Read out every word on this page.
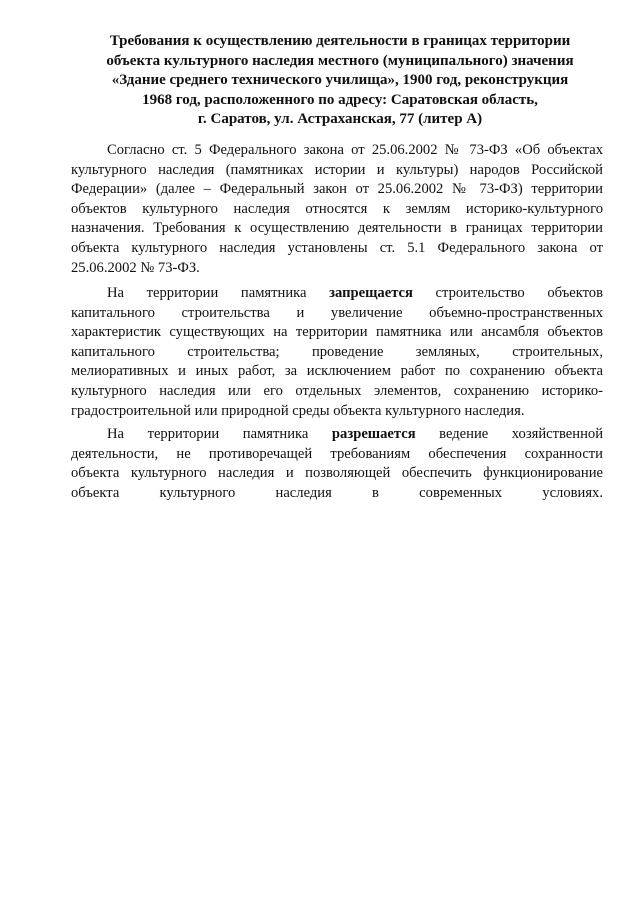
Требования к осуществлению деятельности в границах территории
объекта культурного наследия местного (муниципального) значения
«Здание среднего технического училища», 1900 год, реконструкция
1968 год, расположенного по адресу: Саратовская область,
г. Саратов, ул. Астраханская, 77 (литер А)
Согласно ст. 5 Федерального закона от 25.06.2002 № 73-ФЗ «Об объектах
культурного наследия (памятниках истории и культуры) народов Российской
Федерации» (далее – Федеральный закон от 25.06.2002 № 73-ФЗ) территории
объектов культурного наследия относятся к землям историко-культурного
назначения. Требования к осуществлению деятельности в границах территории
объекта культурного наследия установлены ст. 5.1 Федерального закона от
25.06.2002 № 73-ФЗ.
На территории памятника запрещается строительство объектов
капитального строительства и увеличение объемно-пространственных
характеристик существующих на территории памятника или ансамбля объектов
капитального строительства; проведение земляных, строительных,
мелиоративных и иных работ, за исключением работ по сохранению объекта
культурного наследия или его отдельных элементов, сохранению историко-
градостроительной или природной среды объекта культурного наследия.
На территории памятника разрешается ведение хозяйственной
деятельности, не противоречащей требованиям обеспечения сохранности
объекта культурного наследия и позволяющей обеспечить функционирование
объекта культурного наследия в современных условиях.
